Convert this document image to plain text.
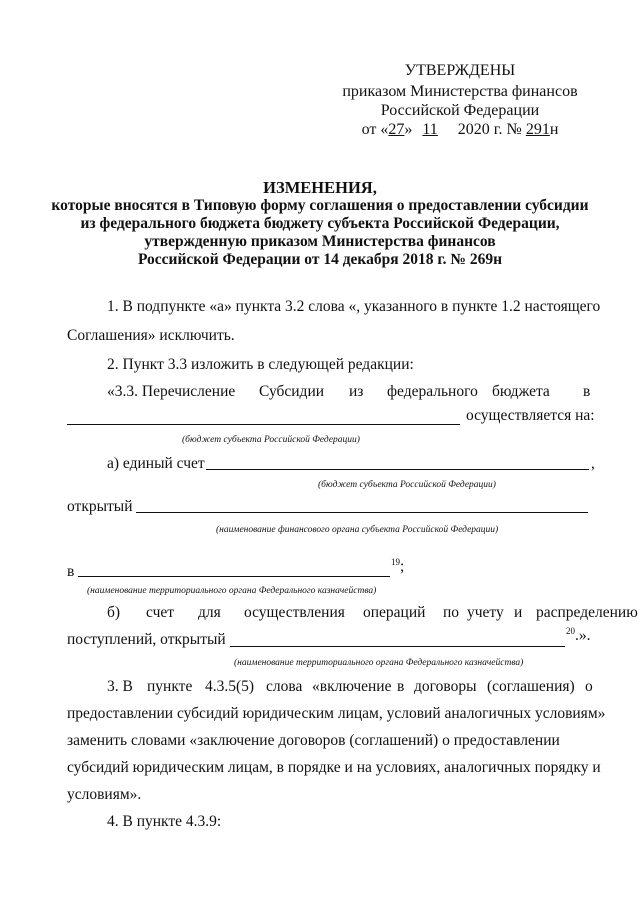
УТВЕРЖДЕНЫ
приказом Министерства финансов
Российской Федерации
от «27» 11 2020 г. № 291н
ИЗМЕНЕНИЯ,
которые вносятся в Типовую форму соглашения о предоставлении субсидии
из федерального бюджета бюджету субъекта Российской Федерации,
утвержденную приказом Министерства финансов
Российской Федерации от 14 декабря 2018 г. № 269н
1. В подпункте «а» пункта 3.2 слова «, указанного в пункте 1.2 настоящего
Соглашения» исключить.
2. Пункт 3.3 изложить в следующей редакции:
«3.3. Перечисление Субсидии из федерального бюджета в
осуществляется на:
(бюджет субъекта Российской Федерации)
а) единый счет	,
(бюджет субъекта Российской Федерации)
открытый
(наименование финансового органа субъекта Российской Федерации)
в
$^{19}$;
(наименование территориального органа Федерального казначейства)
б) счет для осуществления операций по учету и распределению
поступлений, открытый	$^{20}$.».
(наименование территориального органа Федерального казначейства)
3. В пункте 4.3.5(5) слова «включение в договоры (соглашения) о
предоставлении субсидий юридическим лицам, условий аналогичных условиям»
заменить словами «заключение договоров (соглашений) о предоставлении
субсидий юридическим лицам, в порядке и на условиях, аналогичных порядку и
условиям».
4. В пункте 4.3.9:
